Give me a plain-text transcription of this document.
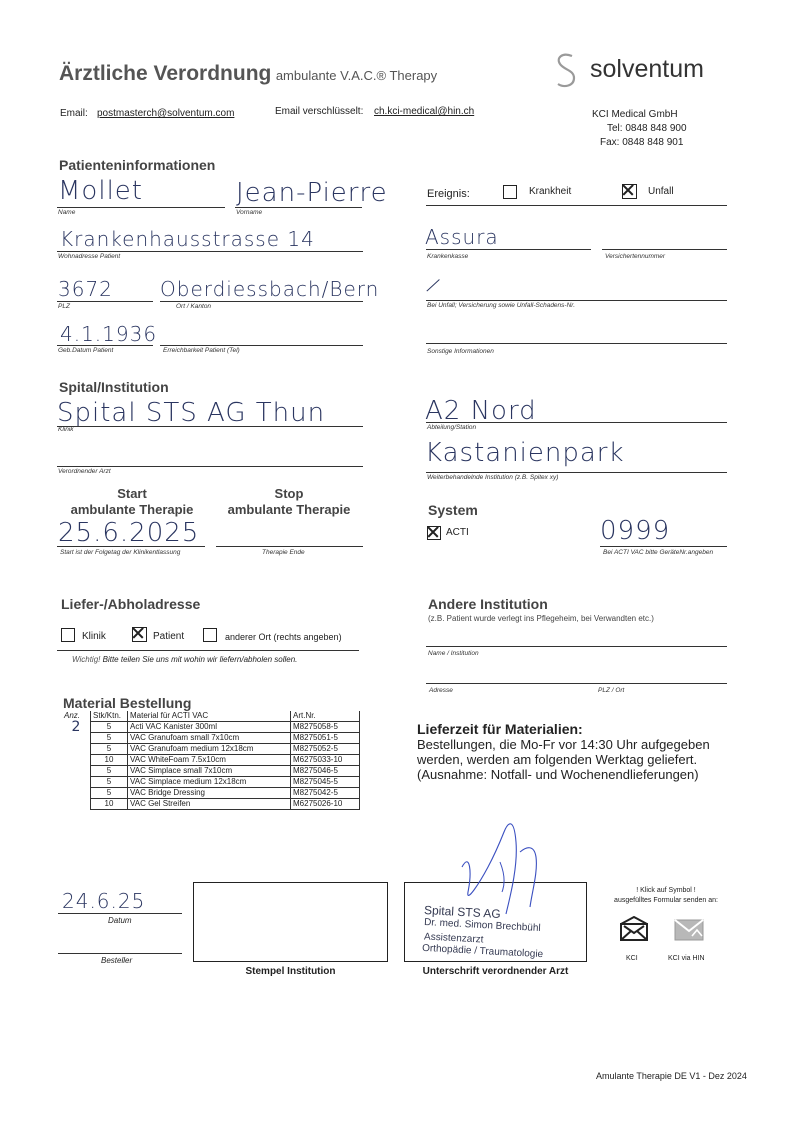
Ärztliche Verordnung ambulante V.A.C.® Therapy	solventum
Email: postmasterch@solventum.com	Email verschlüsselt: ch.kci-medical@hin.ch	KCI Medical GmbH
Tel: 0848 848 900
Fax: 0848 848 901
Patienteninformationen
Mollet
Name
Jean-Pierre
Vorname
Krankenhausstrasse 14
Wohnadresse Patient
3672
PLZ
Oberdiessbach/Bern
Ort / Kanton
4.1.1936
Geb.Datum Patient	Erreichbarkeit Patient (Tel)
Ereignis:	Krankheit	Unfall
Assura
Krankenkasse	Versichertennummer
/
Bei Unfall; Versicherung sowie Unfall-Schadens-Nr.
Sonstige Informationen
Spital/Institution
Spital STS AG Thun
Klinik
Verordnender Arzt
A2 Nord
Abteilung/Station
Kastanienpark
Weiterbehandelnde Institution (z.B. Spitex xy)
Start
ambulante Therapie
Stop
ambulante Therapie
25.6.2025
Start ist der Folgetag der Klinikentlassung	Therapie Ende
System
ACTI	0999
Bei ACTI VAC bitte GeräteNr.angeben
Liefer-/Abholadresse
Klinik	Patient	anderer Ort (rechts angeben)
Wichtig! Bitte teilen Sie uns mit wohin wir liefern/abholen sollen.
Andere Institution
(z.B. Patient wurde verlegt ins Pflegeheim, bei Verwandten etc.)
Name / Institution
Adresse	PLZ / Ort
Material Bestellung
Anz.	Stk/Ktn.	Material für ACTI VAC	Art.Nr.
2	5	Acti VAC Kanister 300ml	M8275058-5
	5	VAC Granufoam small 7x10cm	M8275051-5
	5	VAC Granufoam medium 12x18cm	M8275052-5
	10	VAC WhiteFoam 7.5x10cm	M6275033-10
	5	VAC Simplace small 7x10cm	M8275046-5
	5	VAC Simplace medium 12x18cm	M8275045-5
	5	VAC Bridge Dressing	M8275042-5
	10	VAC Gel Streifen	M6275026-10
Lieferzeit für Materialien:
Bestellungen, die Mo-Fr vor 14:30 Uhr aufgegeben
werden, werden am folgenden Werktag geliefert.
(Ausnahme: Notfall- und Wochenendlieferungen)
24.6.25
Datum
Besteller
Stempel Institution	Unterschrift verordnender Arzt
Spital STS AG
Dr. med. Simon Brechbühl
Assistenzarzt
Orthopädie / Traumatologie
! Klick auf Symbol !
ausgefülltes Formular senden an:
KCI	KCI via HIN
Amulante Therapie DE V1 - Dez 2024
